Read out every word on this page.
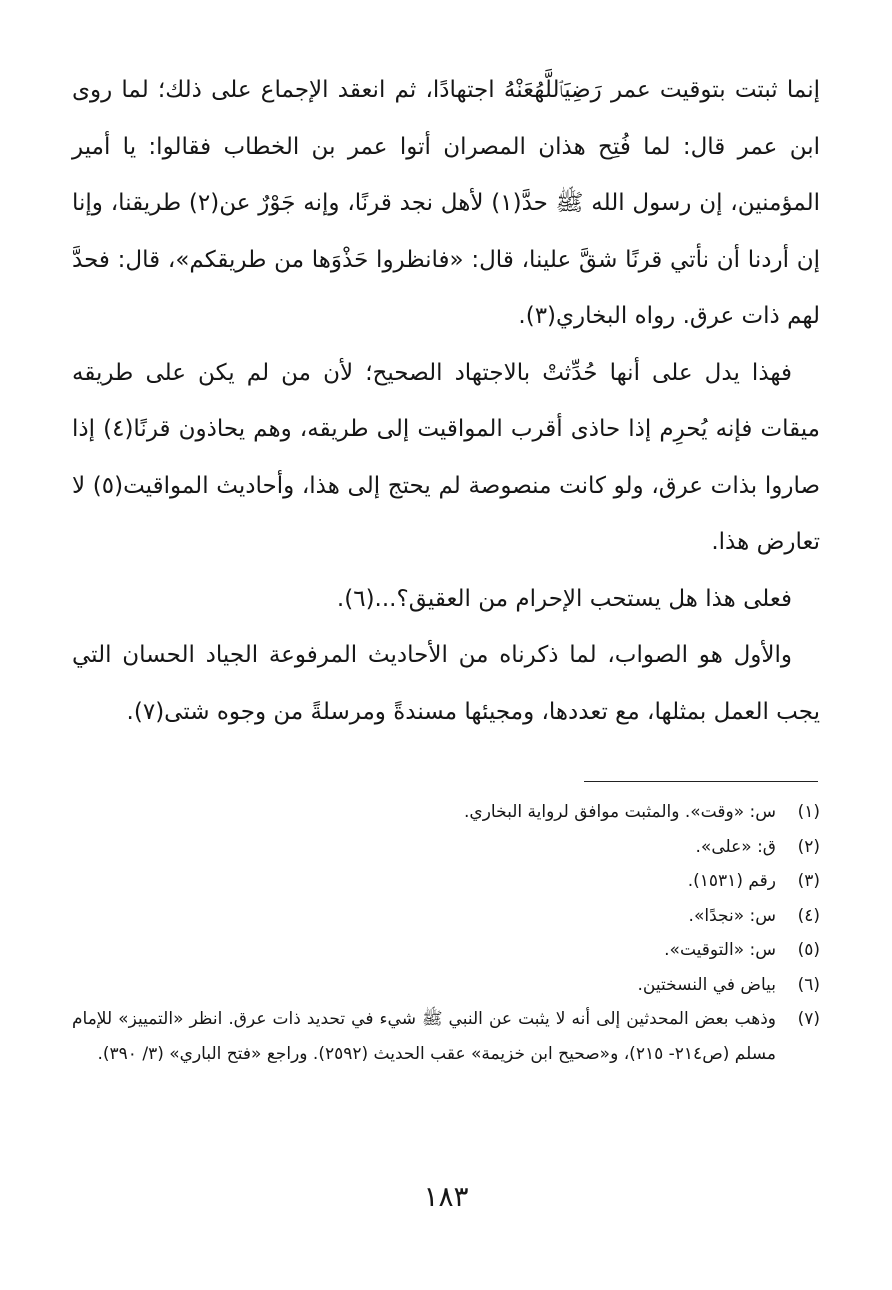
إنما ثبتت بتوقيت عمر رَضِيَٱللَّهُعَنْهُ اجتهادًا، ثم انعقد الإجماع على ذلك؛ لما روى ابن عمر قال: لما فُتِح هذان المصران أتوا عمر بن الخطاب فقالوا: يا أمير المؤمنين، إن رسول الله ﷺ حدَّ(١) لأهل نجد قرنًا، وإنه جَوْرٌ عن(٢) طريقنا، وإنا إن أردنا أن نأتي قرنًا شقَّ علينا، قال: «فانظروا حَذْوَها من طريقكم»، قال: فحدَّ لهم ذات عرق. رواه البخاري(٣).

فهذا يدل على أنها حُدِّثتْ بالاجتهاد الصحيح؛ لأن من لم يكن على طريقه ميقات فإنه يُحرِم إذا حاذى أقرب المواقيت إلى طريقه، وهم يحاذون قرنًا(٤) إذا صاروا بذات عرق، ولو كانت منصوصة لم يحتج إلى هذا، وأحاديث المواقيت(٥) لا تعارض هذا.

فعلى هذا هل يستحب الإحرام من العقيق؟...(٦).

والأول هو الصواب، لما ذكرناه من الأحاديث المرفوعة الجياد الحسان التي يجب العمل بمثلها، مع تعددها، ومجيئها مسندةً ومرسلةً من وجوه شتى(٧).

(١)
س: «وقت». والمثبت موافق لرواية البخاري.
(٢)
ق: «على».
(٣)
رقم (١٥٣١).
(٤)
س: «نجدًا».
(٥)
س: «التوقيت».
(٦)
بياض في النسختين.
(٧)
وذهب بعض المحدثين إلى أنه لا يثبت عن النبي ﷺ شيء في تحديد ذات عرق. انظر «التمييز» للإمام مسلم (ص٢١٤- ٢١٥)، و«صحيح ابن خزيمة» عقب الحديث (٢٥٩٢). وراجع «فتح الباري» (٣/ ٣٩٠).
١٨٣
